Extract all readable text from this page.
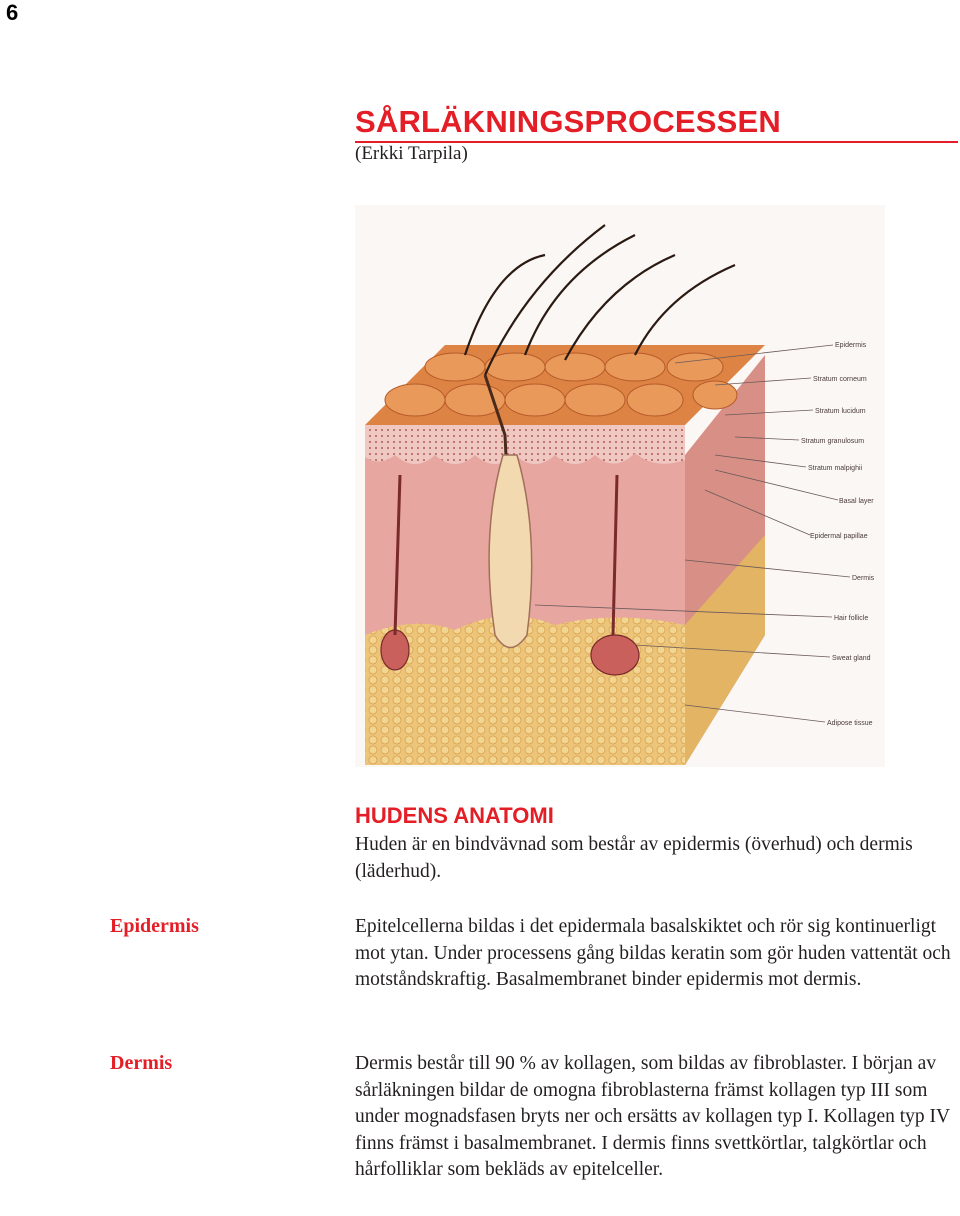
6
SÅRLÄKNINGSPROCESSEN
(Erkki Tarpila)
Epidermis
Stratum corneum
Stratum lucidum
Stratum granulosum
Stratum malpighii
Basal layer
Epidermal papillae
Dermis
Hair follicle
Sweat gland
Adipose tissue
HUDENS ANATOMI

Huden är en bindvävnad som består av epidermis (överhud) och dermis (läderhud).

Epidermis	Epitelcellerna bildas i det epidermala basalskiktet och rör sig kontinuerligt mot ytan. Under processens gång bildas keratin som gör huden vattentät och motståndskraftig. Basalmembranet binder epidermis mot dermis.

Dermis	Dermis består till 90 % av kollagen, som bildas av fibroblaster. I början av sårläkningen bildar de omogna fibroblasterna främst kollagen typ III som under mognadsfasen bryts ner och ersätts av kollagen typ I. Kollagen typ IV finns främst i basalmembranet. I dermis finns svettkörtlar, talgkörtlar och hårfolliklar som bekläds av epitelceller.
